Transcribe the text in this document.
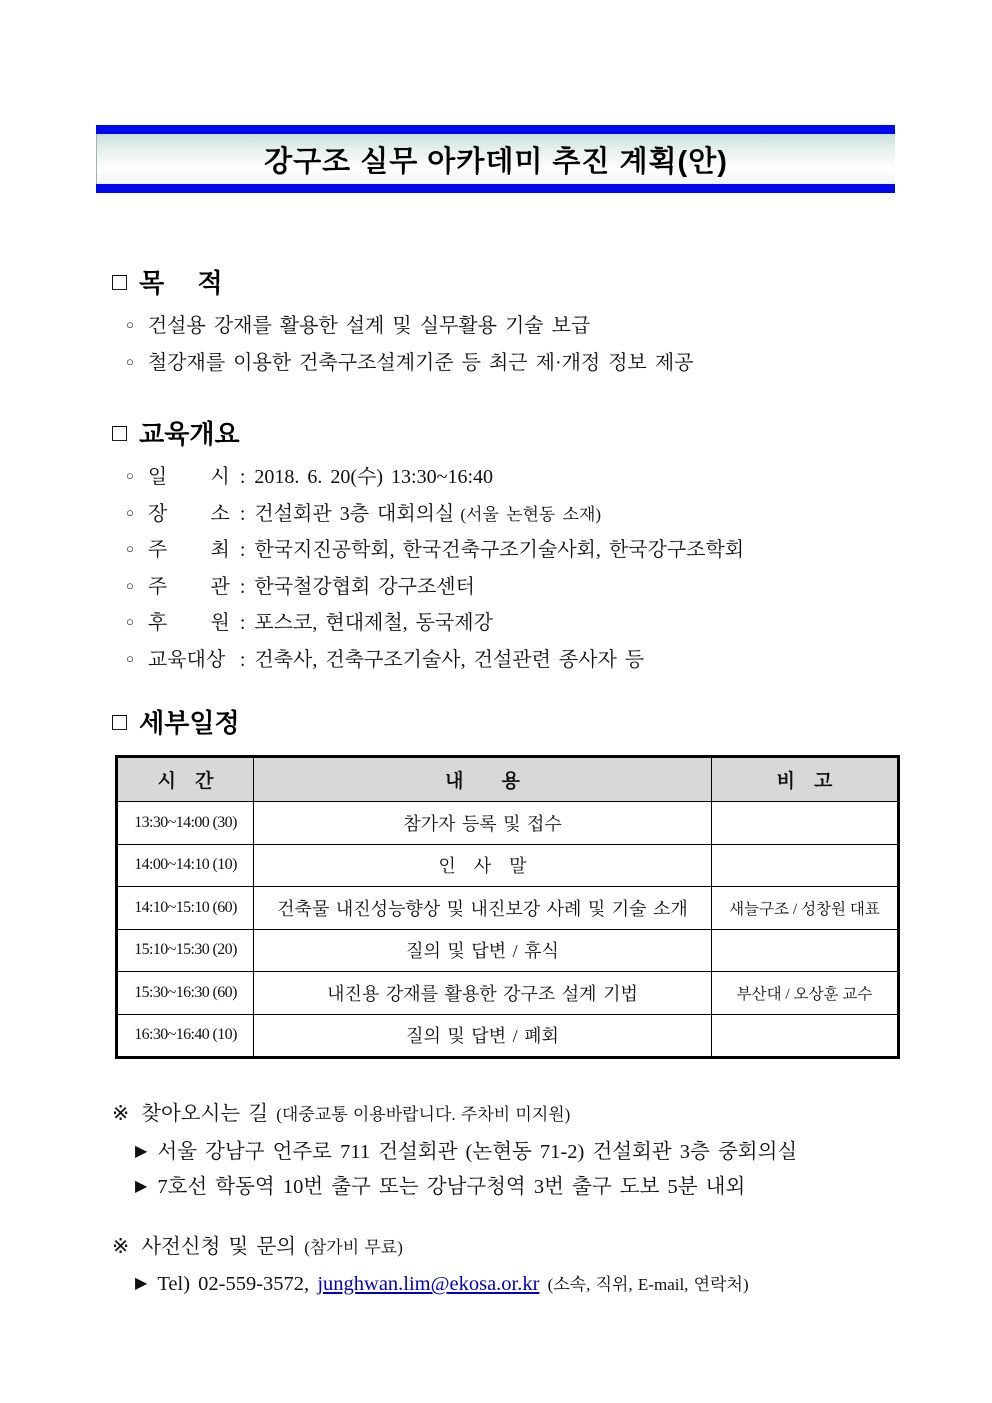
강구조 실무 아카데미 추진 계획(안)
□ 목　 적
○ 건설용 강재를 활용한 설계 및 실무활용 기술 보급
○ 철강재를 이용한 건축구조설계기준 등 최근 제·개정 정보 제공
□ 교육개요
○ 일 시 : 2018. 6. 20(수) 13:30~16:40
○ 장 소 : 건설회관 3층 대회의실 (서울 논현동 소재)
○ 주 최 : 한국지진공학회, 한국건축구조기술사회, 한국강구조학회
○ 주 관 : 한국철강협회 강구조센터
○ 후 원 : 포스코, 현대제철, 동국제강
○ 교육대상 : 건축사, 건축구조기술사, 건설관련 종사자 등
□ 세부일정
시　간	내　　용	비　고
13:30~14:00 (30)	참가자 등록 및 접수	
14:00~14:10 (10)	인　사　말	
14:10~15:10 (60)	건축물 내진성능향상 및 내진보강 사례 및 기술 소개	새늘구조 / 성창원 대표
15:10~15:30 (20)	질의 및 답변 / 휴식	
15:30~16:30 (60)	내진용 강재를 활용한 강구조 설계 기법	부산대 / 오상훈 교수
16:30~16:40 (10)	질의 및 답변 / 폐회	
※ 찾아오시는 길 (대중교통 이용바랍니다. 주차비 미지원)
▶ 서울 강남구 언주로 711 건설회관 (논현동 71-2) 건설회관 3층 중회의실
▶ 7호선 학동역 10번 출구 또는 강남구청역 3번 출구 도보 5분 내외
※ 사전신청 및 문의 (참가비 무료)
▶ Tel) 02-559-3572, junghwan.lim@ekosa.or.kr (소속, 직위, E-mail, 연락처)
